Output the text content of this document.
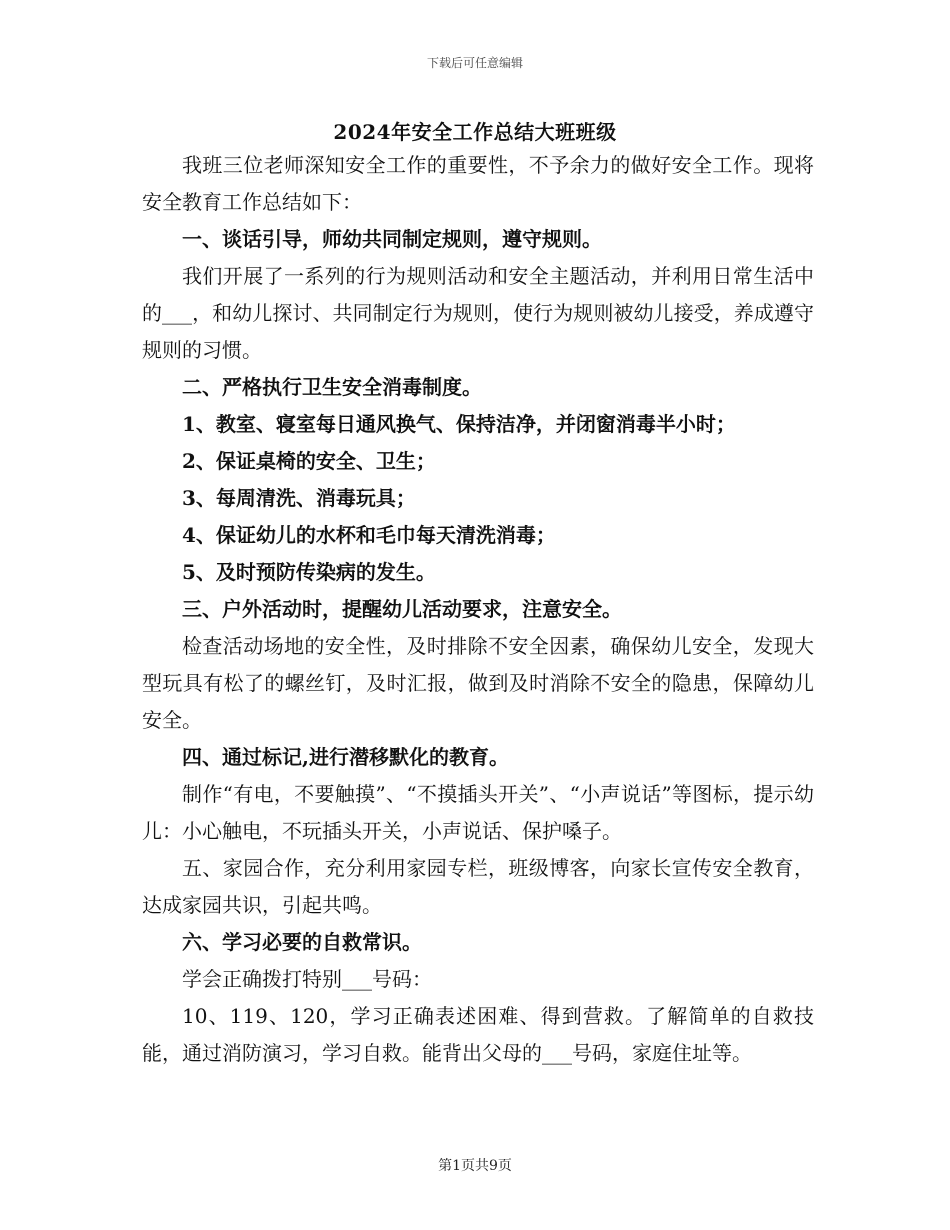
下载后可任意编辑
2024年安全工作总结大班班级

我班三位老师深知安全工作的重要性，不予余力的做好安全工作。现将安全教育工作总结如下：

一、谈话引导，师幼共同制定规则，遵守规则。

我们开展了一系列的行为规则活动和安全主题活动，并利用日常生活中的___，和幼儿探讨、共同制定行为规则，使行为规则被幼儿接受，养成遵守规则的习惯。

二、严格执行卫生安全消毒制度。

1、教室、寝室每日通风换气、保持洁净，并闭窗消毒半小时；

2、保证桌椅的安全、卫生；

3、每周清洗、消毒玩具；

4、保证幼儿的水杯和毛巾每天清洗消毒；

5、及时预防传染病的发生。

三、户外活动时，提醒幼儿活动要求，注意安全。

检查活动场地的安全性，及时排除不安全因素，确保幼儿安全，发现大型玩具有松了的螺丝钉，及时汇报，做到及时消除不安全的隐患，保障幼儿安全。

四、通过标记,进行潜移默化的教育。

制作“有电，不要触摸”、“不摸插头开关”、“小声说话”等图标，提示幼儿：小心触电，不玩插头开关，小声说话、保护嗓子。

五、家园合作，充分利用家园专栏，班级博客，向家长宣传安全教育，达成家园共识，引起共鸣。

六、学习必要的自救常识。

学会正确拨打特别___号码：

10、119、120，学习正确表述困难、得到营救。了解简单的自救技能，通过消防演习，学习自救。能背出父母的___号码，家庭住址等。

第1页共9页
